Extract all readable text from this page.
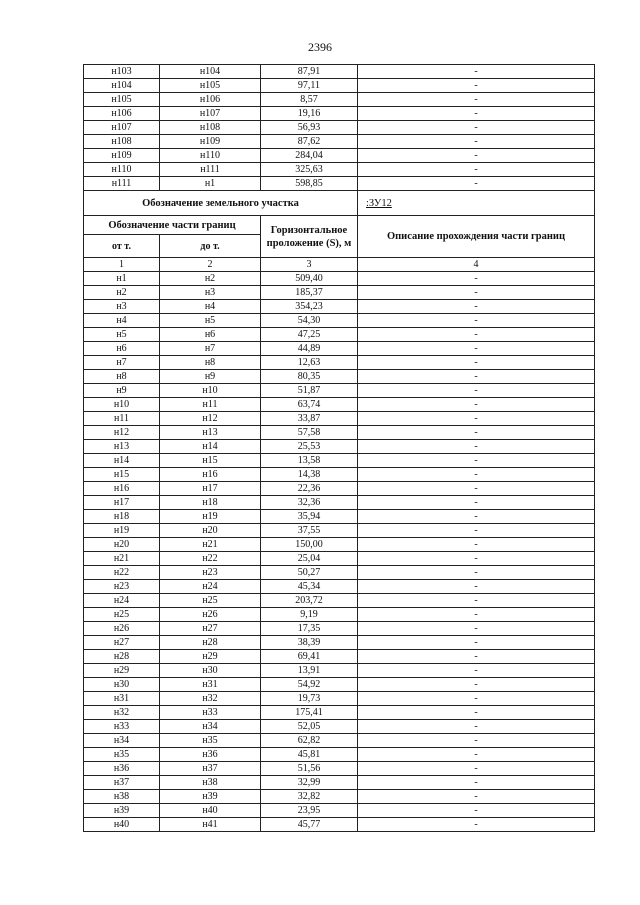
2396
н103	н104	87,91	-
н104	н105	97,11	-
н105	н106	8,57	-
н106	н107	19,16	-
н107	н108	56,93	-
н108	н109	87,62	-
н109	н110	284,04	-
н110	н111	325,63	-
н111	н1	598,85	-
Обозначение земельного участка			:ЗУ12
Обозначение части границ		Горизонтальное проложение (S), м	Описание прохождения части границ
от т.	до т.		
1	2	3	4
н1	н2	509,40	-
н2	н3	185,37	-
н3	н4	354,23	-
н4	н5	54,30	-
н5	н6	47,25	-
н6	н7	44,89	-
н7	н8	12,63	-
н8	н9	80,35	-
н9	н10	51,87	-
н10	н11	63,74	-
н11	н12	33,87	-
н12	н13	57,58	-
н13	н14	25,53	-
н14	н15	13,58	-
н15	н16	14,38	-
н16	н17	22,36	-
н17	н18	32,36	-
н18	н19	35,94	-
н19	н20	37,55	-
н20	н21	150,00	-
н21	н22	25,04	-
н22	н23	50,27	-
н23	н24	45,34	-
н24	н25	203,72	-
н25	н26	9,19	-
н26	н27	17,35	-
н27	н28	38,39	-
н28	н29	69,41	-
н29	н30	13,91	-
н30	н31	54,92	-
н31	н32	19,73	-
н32	н33	175,41	-
н33	н34	52,05	-
н34	н35	62,82	-
н35	н36	45,81	-
н36	н37	51,56	-
н37	н38	32,99	-
н38	н39	32,82	-
н39	н40	23,95	-
н40	н41	45,77	-
